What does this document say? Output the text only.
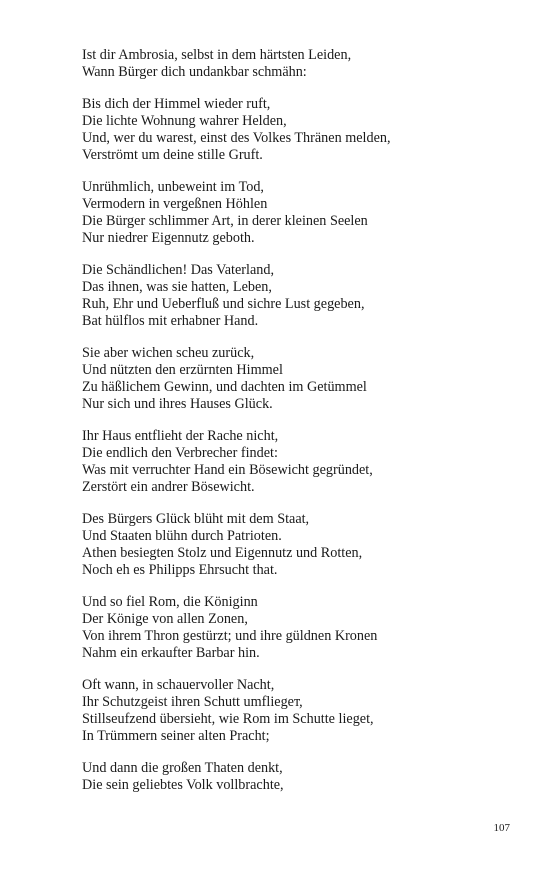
Ist dir Ambrosia, selbst in dem härtsten Leiden,
Wann Bürger dich undankbar schmähn:
Bis dich der Himmel wieder ruft,
Die lichte Wohnung wahrer Helden,
Und, wer du warest, einst des Volkes Thränen melden,
Verströmt um deine stille Gruft.
Unrühmlich, unbeweint im Tod,
Vermodern in vergeßnen Höhlen
Die Bürger schlimmer Art, in derer kleinen Seelen
Nur niedrer Eigennutz geboth.
Die Schändlichen! Das Vaterland,
Das ihnen, was sie hatten, Leben,
Ruh, Ehr und Ueberfluß und sichre Lust gegeben,
Bat hülflos mit erhabner Hand.
Sie aber wichen scheu zurück,
Und nützten den erzürnten Himmel
Zu häßlichem Gewinn, und dachten im Getümmel
Nur sich und ihres Hauses Glück.
Ihr Haus entflieht der Rache nicht,
Die endlich den Verbrecher findet:
Was mit verruchter Hand ein Bösewicht gegründet,
Zerstört ein andrer Bösewicht.
Des Bürgers Glück blüht mit dem Staat,
Und Staaten blühn durch Patrioten.
Athen besiegten Stolz und Eigennutz und Rotten,
Noch eh es Philipps Ehrsucht that.
Und so fiel Rom, die Königinn
Der Könige von allen Zonen,
Von ihrem Thron gestürzt; und ihre güldnen Kronen
Nahm ein erkaufter Barbar hin.
Oft wann, in schauervoller Nacht,
Ihr Schutzgeist ihren Schutt umfliegет,
Stillseufzend übersieht, wie Rom im Schutte lieget,
In Trümmern seiner alten Pracht;
Und dann die großen Thaten denkt,
Die sein geliebtes Volk vollbrachte,
107
